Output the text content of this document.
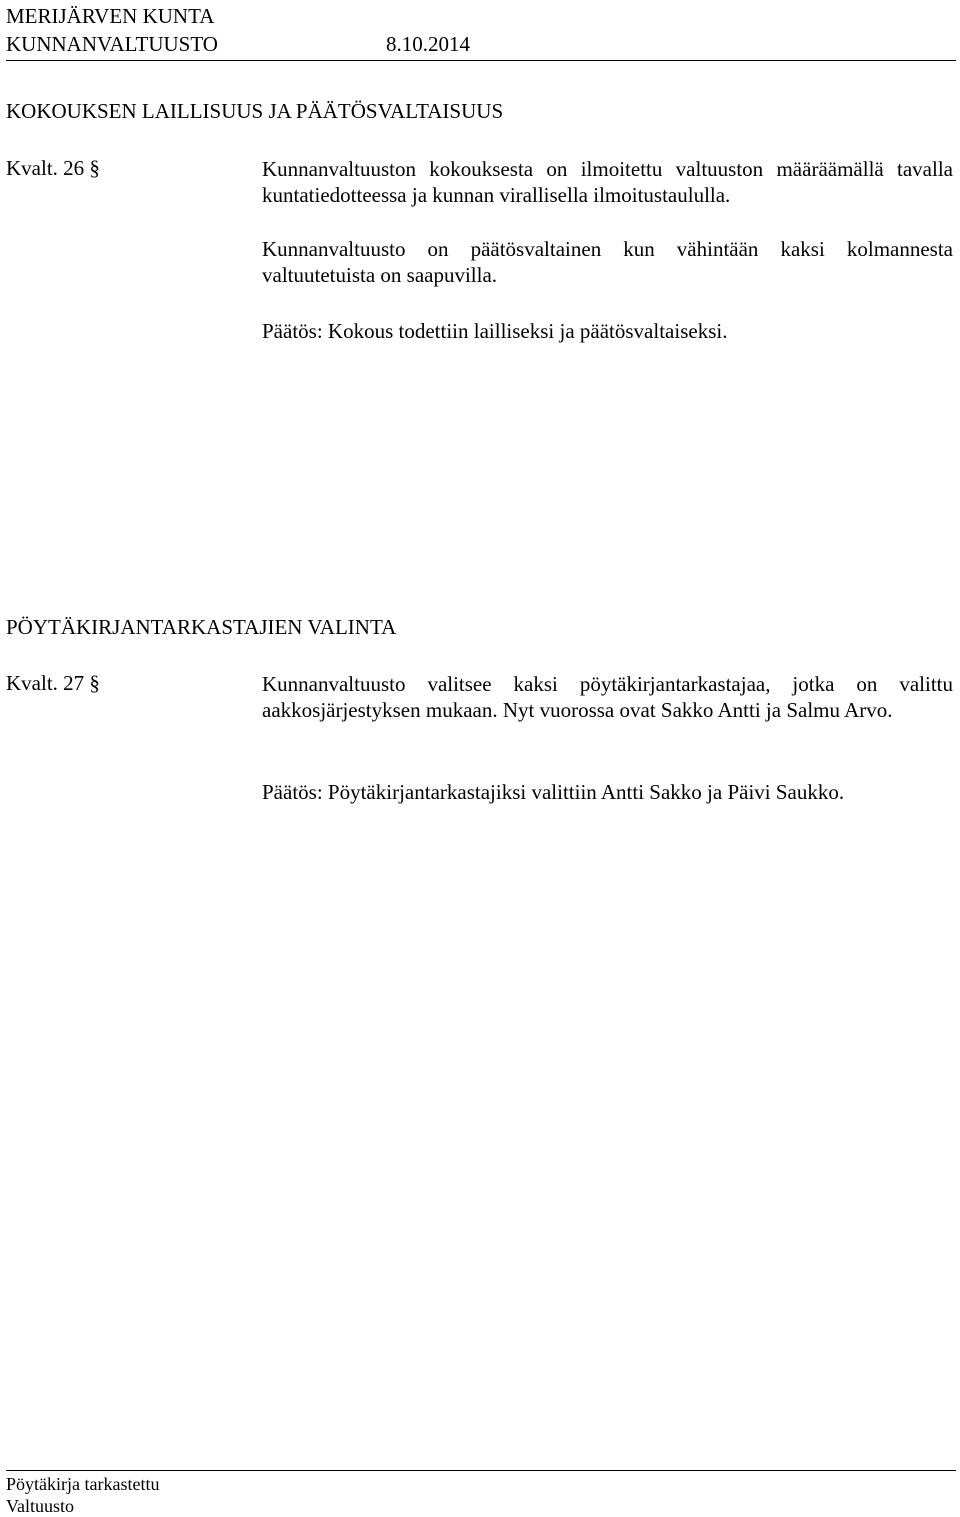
MERIJÄRVEN KUNTA
KUNNANVALTUUSTO	8.10.2014
KOKOUKSEN LAILLISUUS JA PÄÄTÖSVALTAISUUS
Kvalt. 26 §	Kunnanvaltuuston kokouksesta on ilmoitettu valtuuston määräämällä tavalla kuntatiedotteessa ja kunnan virallisella ilmoitustaululla.
Kunnanvaltuusto on päätösvaltainen kun vähintään kaksi kolmannesta valtuutetuista on saapuvilla.
Päätös: Kokous todettiin lailliseksi ja päätösvaltaiseksi.
PÖYTÄKIRJANTARKASTAJIEN VALINTA
Kvalt. 27 §	Kunnanvaltuusto valitsee kaksi pöytäkirjantarkastajaa, jotka on valittu aakkosjärjestyksen mukaan. Nyt vuorossa ovat Sakko Antti ja Salmu Arvo.
Päätös: Pöytäkirjantarkastajiksi valittiin Antti Sakko ja Päivi Saukko.
Pöytäkirja tarkastettu
Valtuusto
